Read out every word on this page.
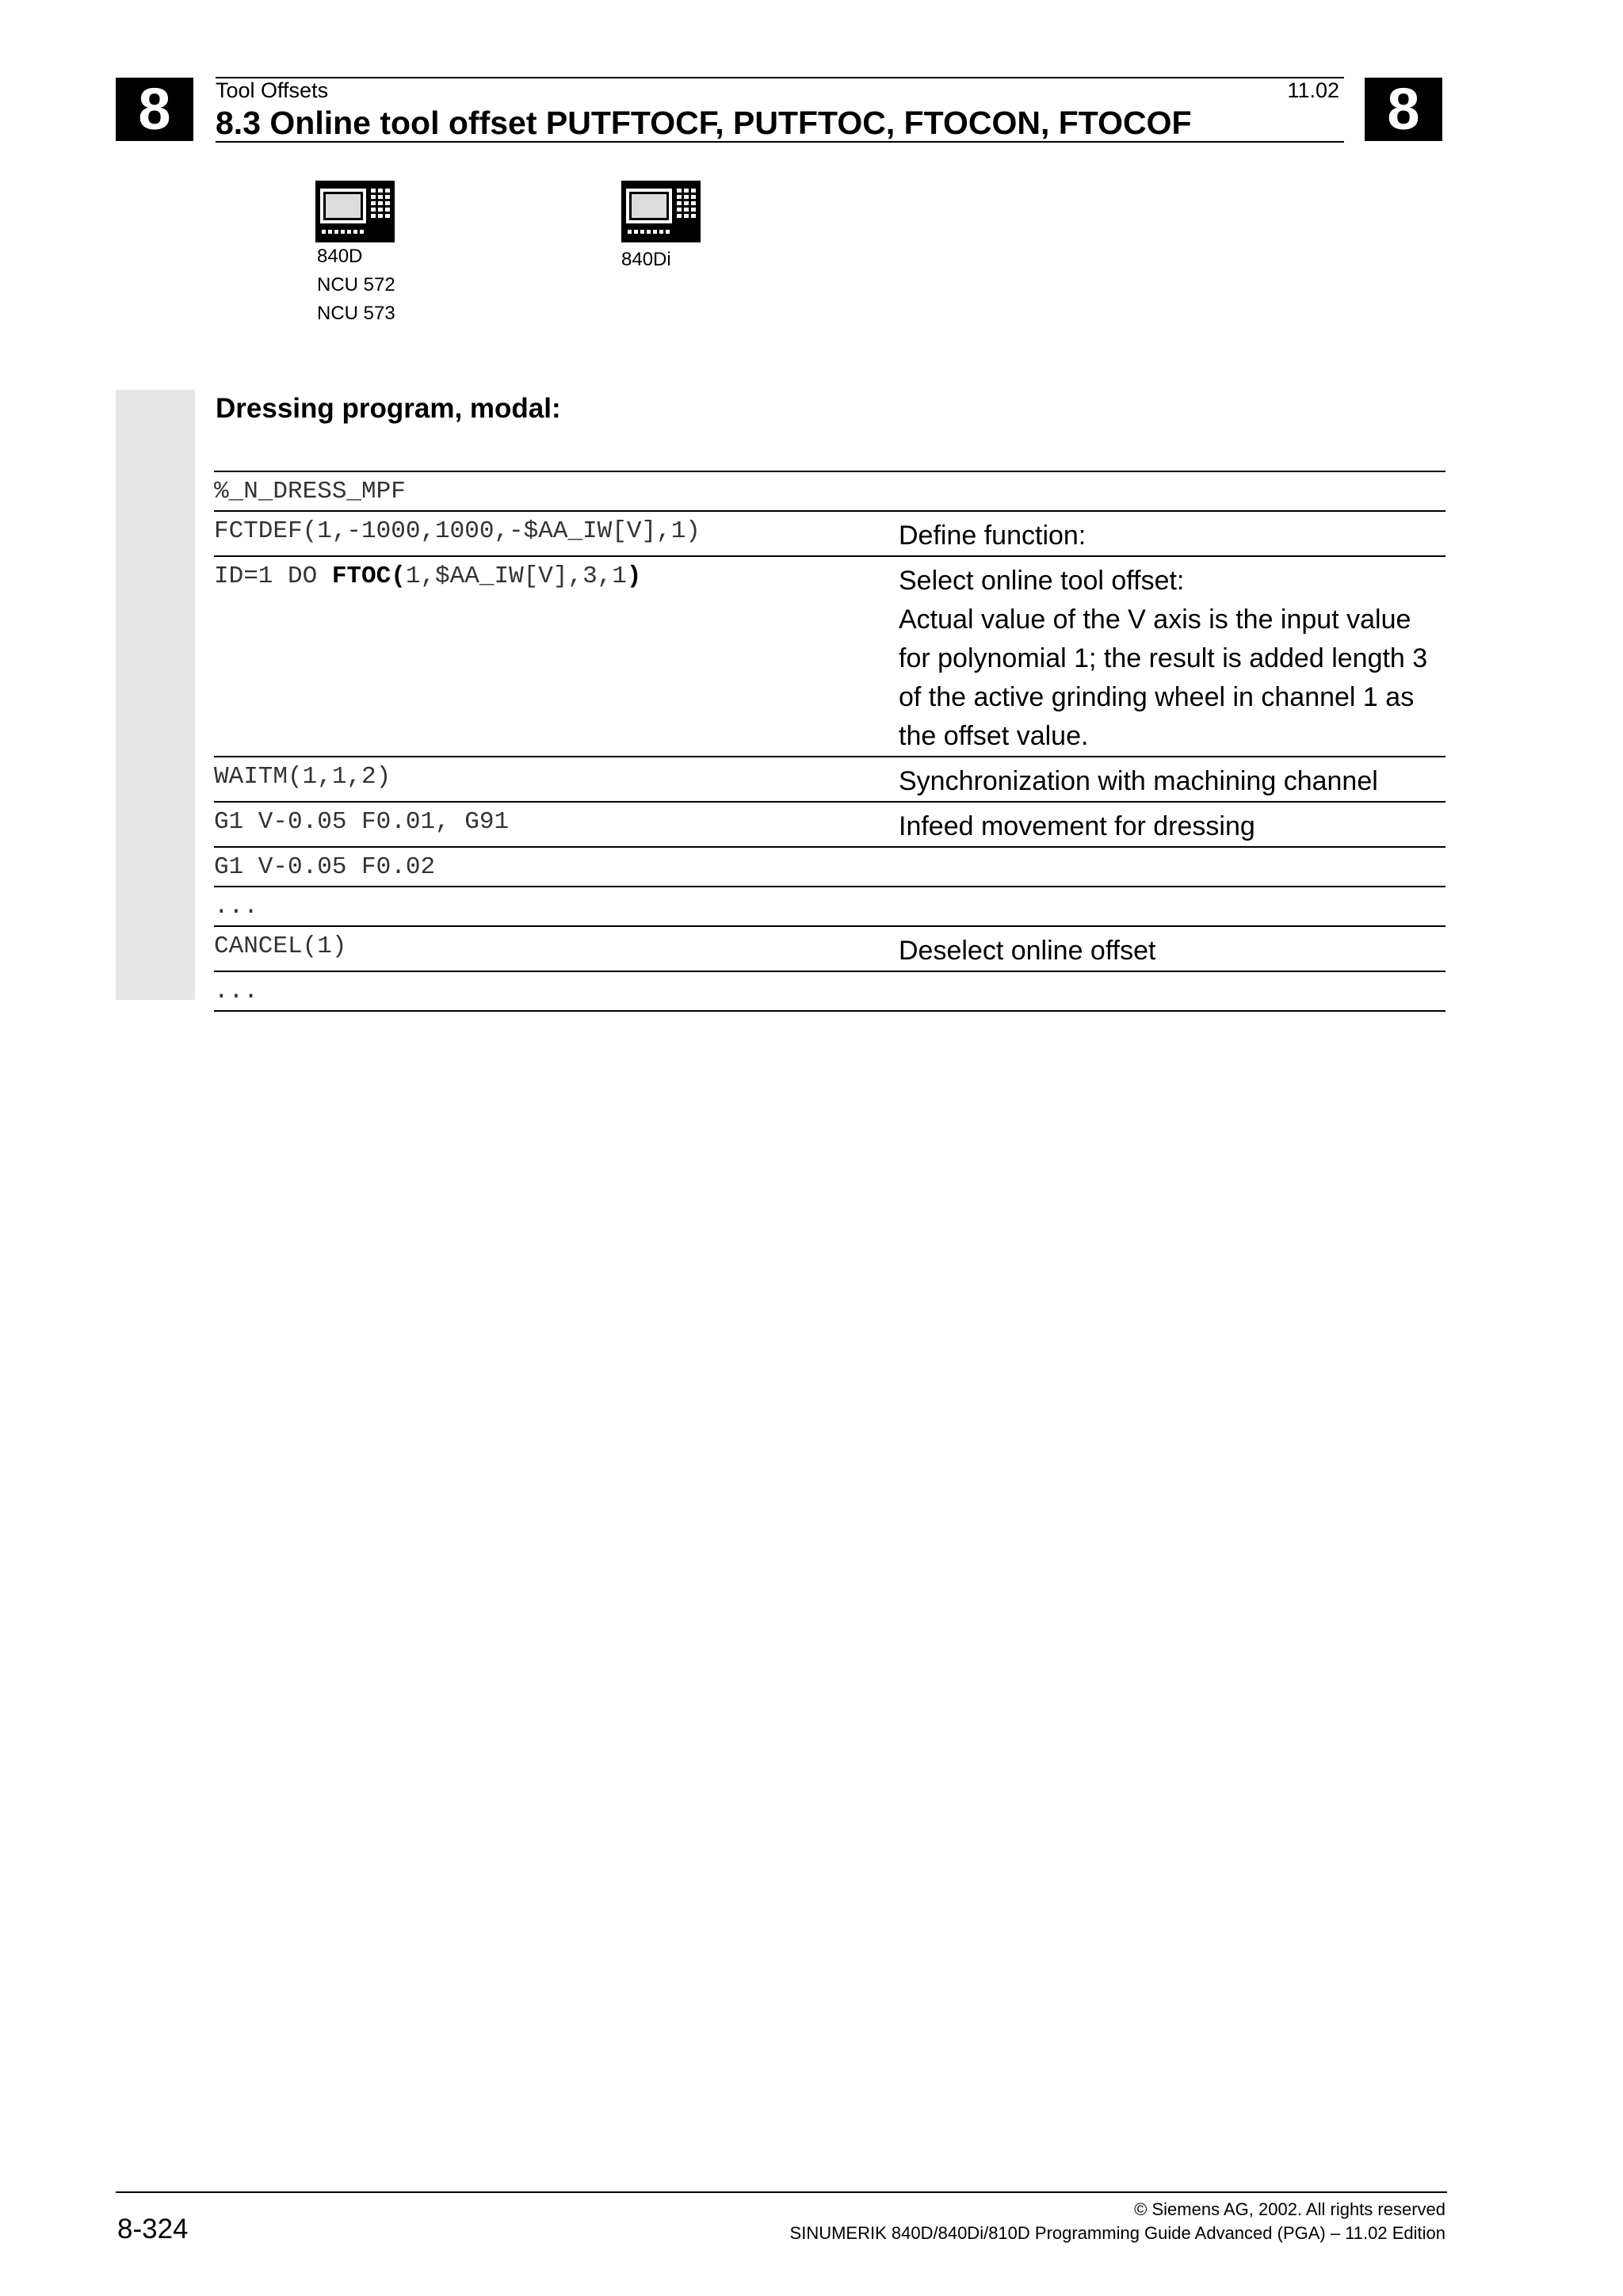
8	Tool Offsets	11.02
8.3 Online tool offset PUTFTOCF, PUTFTOC, FTOCON, FTOCOF	8
840D
NCU 572
NCU 573
840Di
Dressing program, modal:
%_N_DRESS_MPF
FCTDEF(1,-1000,1000,-$AA_IW[V],1)	Define function:
ID=1 DO FTOC(1,$AA_IW[V],3,1)	Select online tool offset:
Actual value of the V axis is the input value
for polynomial 1; the result is added length 3
of the active grinding wheel in channel 1 as
the offset value.
WAITM(1,1,2)	Synchronization with machining channel
G1 V-0.05 F0.01, G91	Infeed movement for dressing
G1 V-0.05 F0.02
...
CANCEL(1)	Deselect online offset
...
8-324
© Siemens AG, 2002. All rights reserved
SINUMERIK 840D/840Di/810D Programming Guide Advanced (PGA) – 11.02 Edition
